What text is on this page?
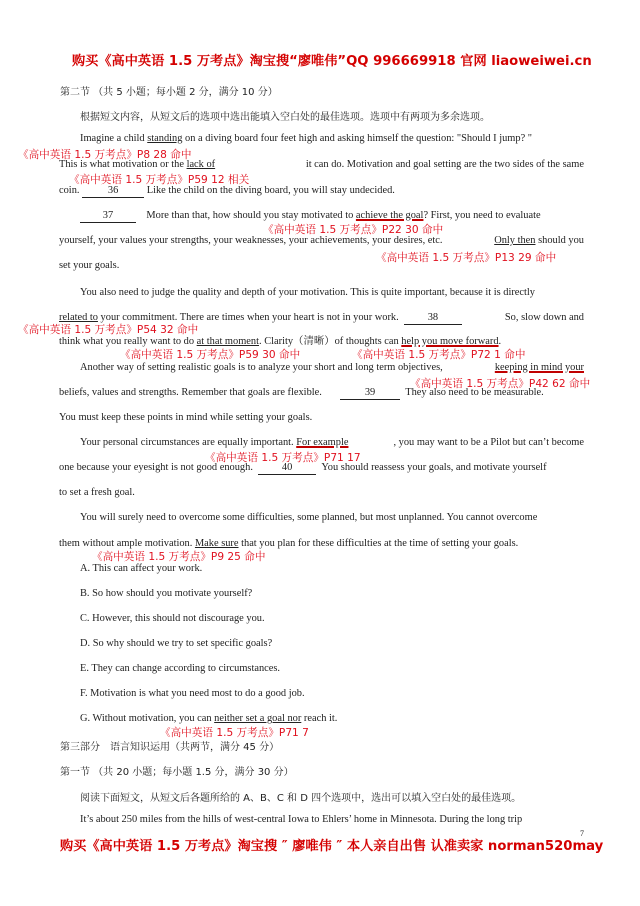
购买《高中英语 1.5 万考点》淘宝搜“廖唯伟”QQ 996669918 官网 liaoweiwei.cn
第二节 （共 5 小题；每小题 2 分，满分 10 分）
根据短文内容，从短文后的选项中选出能填入空白处的最佳选项。选项中有两项为多余选项。
Imagine a child standing on a diving board four feet high and asking himself the question: "Should I jump? "
This is what motivation or the lack of	it can do. Motivation and goal setting are the two sides of the same
coin.	36	Like the child on the diving board, you will stay undecided.
37	More than that, how should you stay motivated to achieve the goal? First, you need to evaluate
yourself, your values your strengths, your weaknesses, your achievements, your desires, etc.	Only then should you
set your goals.
You also need to judge the quality and depth of your motivation. This is quite important, because it is directly
related to your commitment. There are times when your heart is not in your work.	38	So, slow down and
think what you really want to do at that moment. Clarity（清晰）of thoughts can help you move forward.
Another way of setting realistic goals is to analyze your short and long term objectives,	keeping in mind your
beliefs, values and strengths. Remember that goals are flexible.	39	They also need to be measurable.
You must keep these points in mind while setting your goals.
Your personal circumstances are equally important. For example	, you may want to be a Pilot but can’t become
one because your eyesight is not good enough.	40	You should reassess your goals, and motivate yourself
to set a fresh goal.
You will surely need to overcome some difficulties, some planned, but most unplanned. You cannot overcome
them without ample motivation. Make sure that you plan for these difficulties at the time of setting your goals.
A. This can affect your work.
B. So how should you motivate yourself?
C. However, this should not discourage you.
D. So why should we try to set specific goals?
E. They can change according to circumstances.
F. Motivation is what you need most to do a good job.
G. Without motivation, you can neither set a goal nor reach it.
《高中英语 1.5 万考点》P8 28 命中
《高中英语 1.5 万考点》P59 12 相关
《高中英语 1.5 万考点》P22 30 命中
《高中英语 1.5 万考点》P13 29 命中
《高中英语 1.5 万考点》P54 32 命中
《高中英语 1.5 万考点》P59 30 命中	《高中英语 1.5 万考点》P72 1 命中
《高中英语 1.5 万考点》P42 62 命中
《高中英语 1.5 万考点》P71 17
《高中英语 1.5 万考点》P9 25 命中
《高中英语 1.5 万考点》P71 7
第三部分　语言知识运用（共两节，满分 45 分）
第一节 （共 20 小题；每小题 1.5 分，满分 30 分）
阅读下面短文，从短文后各题所给的 A、B、C 和 D 四个选项中，选出可以填入空白处的最佳选项。
It’s about 250 miles from the hills of west-central Iowa to Ehlers’ home in Minnesota. During the long trip
7
购买《高中英语 1.5 万考点》淘宝搜 ″ 廖唯伟 ″ 本人亲自出售 认准卖家 norman520may
